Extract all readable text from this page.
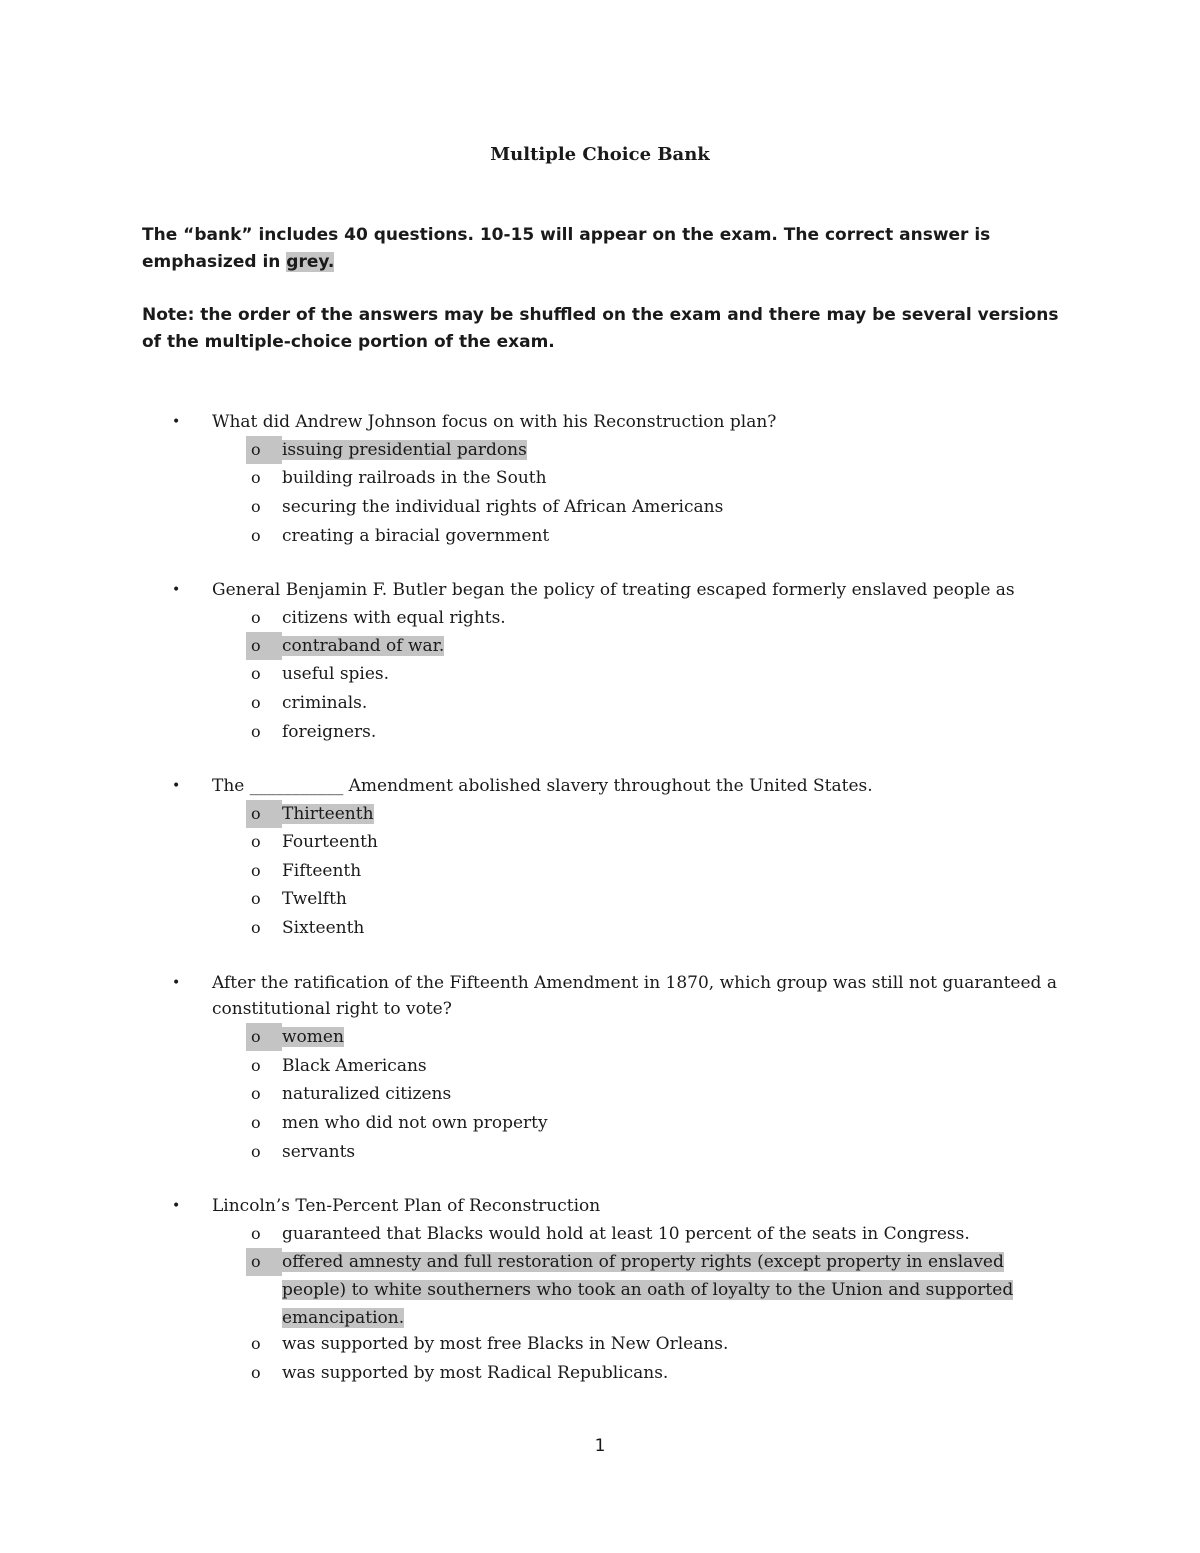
Multiple Choice Bank

The “bank” includes 40 questions. 10-15 will appear on the exam. The correct answer is emphasized in grey.

Note: the order of the answers may be shuffled on the exam and there may be several versions of the multiple-choice portion of the exam.

• What did Andrew Johnson focus on with his Reconstruction plan?
o	issuing presidential pardons
o	building railroads in the South
o	securing the individual rights of African Americans
o	creating a biracial government
• General Benjamin F. Butler began the policy of treating escaped formerly enslaved people as
o	citizens with equal rights.
o	contraband of war.
o	useful spies.
o	criminals.
o	foreigners.
• The ___________ Amendment abolished slavery throughout the United States.
o	Thirteenth
o	Fourteenth
o	Fifteenth
o	Twelfth
o	Sixteenth
• After the ratification of the Fifteenth Amendment in 1870, which group was still not guaranteed a constitutional right to vote?
o	women
o	Black Americans
o	naturalized citizens
o	men who did not own property
o	servants
• Lincoln’s Ten-Percent Plan of Reconstruction
o	guaranteed that Blacks would hold at least 10 percent of the seats in Congress.
o	offered amnesty and full restoration of property rights (except property in enslaved
people) to white southerners who took an oath of loyalty to the Union and supported
emancipation.
o	was supported by most free Blacks in New Orleans.
o	was supported by most Radical Republicans.
1
